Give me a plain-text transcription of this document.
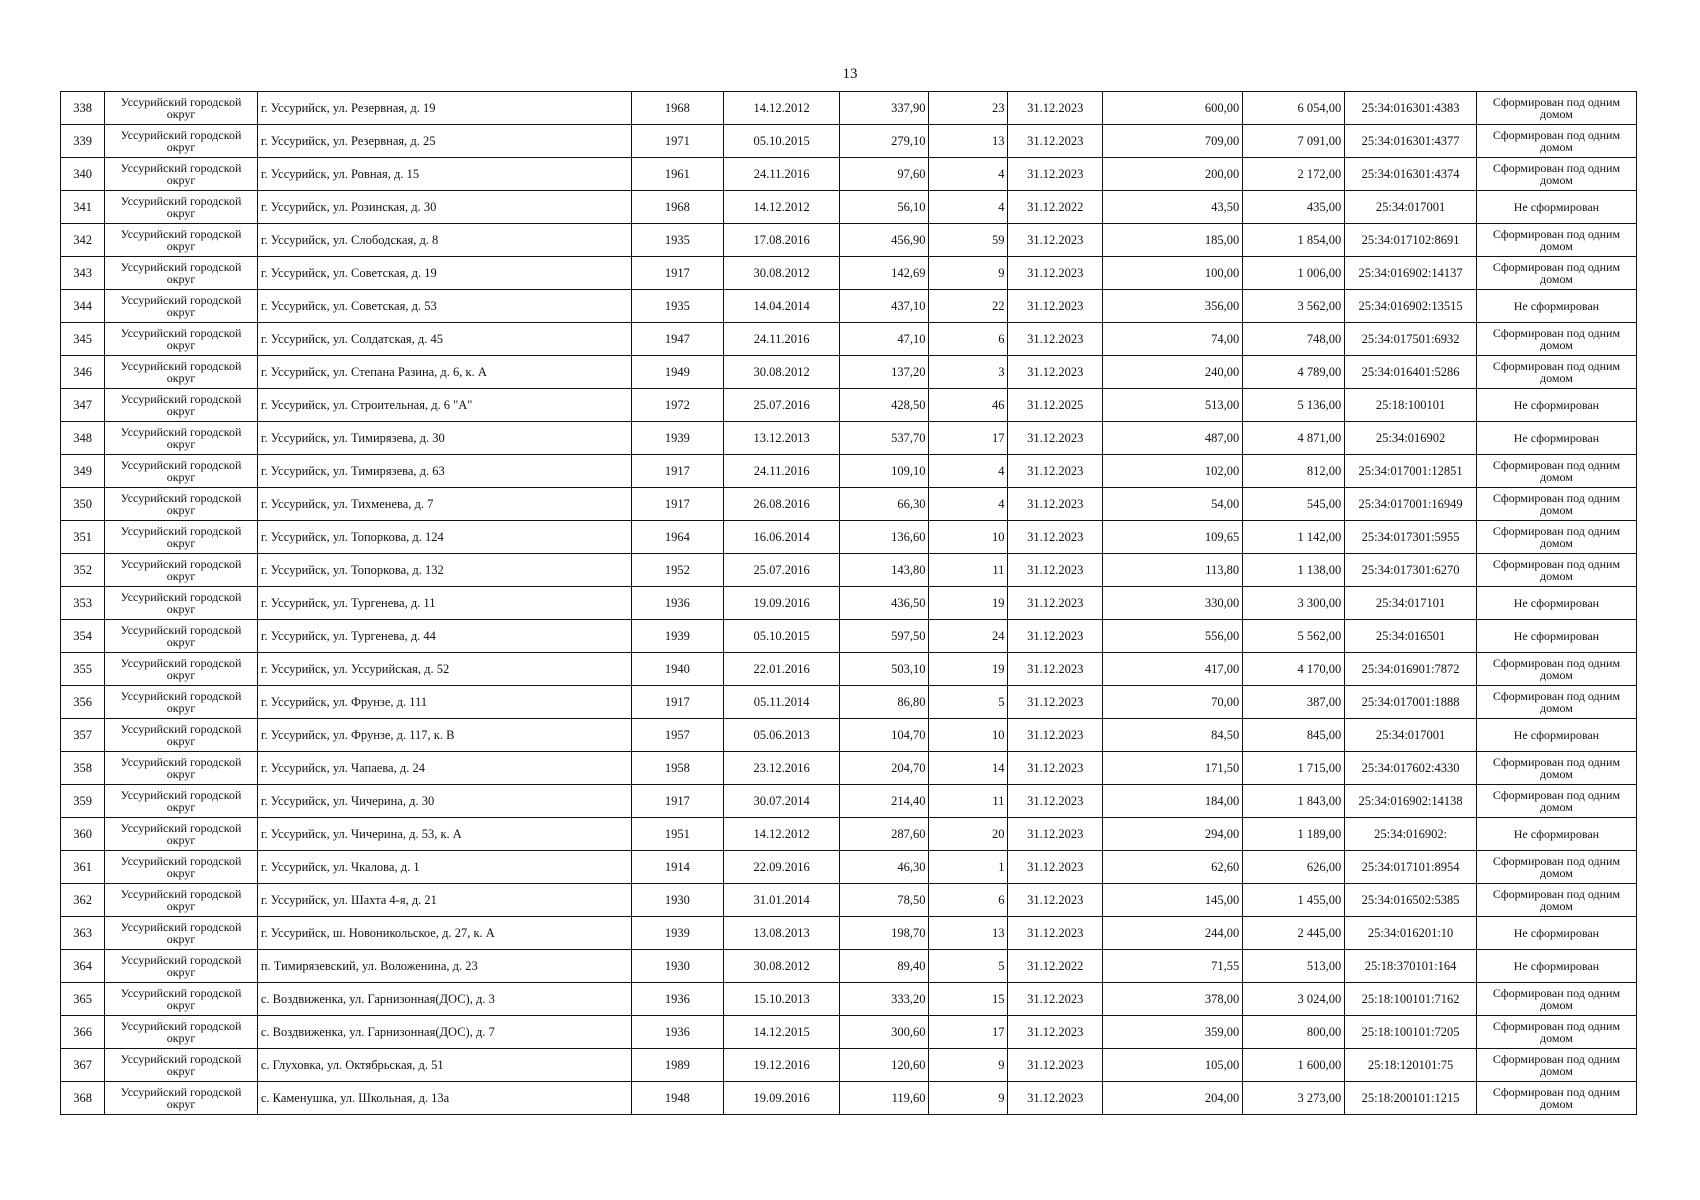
13
338	Уссурийский городской округ	г. Уссурийск, ул. Резервная, д. 19	1968	14.12.2012	337,90	23	31.12.2023	600,00	6 054,00	25:34:016301:4383	Сформирован под одним домом
339	Уссурийский городской округ	г. Уссурийск, ул. Резервная, д. 25	1971	05.10.2015	279,10	13	31.12.2023	709,00	7 091,00	25:34:016301:4377	Сформирован под одним домом
340	Уссурийский городской округ	г. Уссурийск, ул. Ровная, д. 15	1961	24.11.2016	97,60	4	31.12.2023	200,00	2 172,00	25:34:016301:4374	Сформирован под одним домом
341	Уссурийский городской округ	г. Уссурийск, ул. Розинская, д. 30	1968	14.12.2012	56,10	4	31.12.2022	43,50	435,00	25:34:017001	Не сформирован
342	Уссурийский городской округ	г. Уссурийск, ул. Слободская, д. 8	1935	17.08.2016	456,90	59	31.12.2023	185,00	1 854,00	25:34:017102:8691	Сформирован под одним домом
343	Уссурийский городской округ	г. Уссурийск, ул. Советская, д. 19	1917	30.08.2012	142,69	9	31.12.2023	100,00	1 006,00	25:34:016902:14137	Сформирован под одним домом
344	Уссурийский городской округ	г. Уссурийск, ул. Советская, д. 53	1935	14.04.2014	437,10	22	31.12.2023	356,00	3 562,00	25:34:016902:13515	Не сформирован
345	Уссурийский городской округ	г. Уссурийск, ул. Солдатская, д. 45	1947	24.11.2016	47,10	6	31.12.2023	74,00	748,00	25:34:017501:6932	Сформирован под одним домом
346	Уссурийский городской округ	г. Уссурийск, ул. Степана Разина, д. 6, к. А	1949	30.08.2012	137,20	3	31.12.2023	240,00	4 789,00	25:34:016401:5286	Сформирован под одним домом
347	Уссурийский городской округ	г. Уссурийск, ул. Строительная, д. 6 "А"	1972	25.07.2016	428,50	46	31.12.2025	513,00	5 136,00	25:18:100101	Не сформирован
348	Уссурийский городской округ	г. Уссурийск, ул. Тимирязева, д. 30	1939	13.12.2013	537,70	17	31.12.2023	487,00	4 871,00	25:34:016902	Не сформирован
349	Уссурийский городской округ	г. Уссурийск, ул. Тимирязева, д. 63	1917	24.11.2016	109,10	4	31.12.2023	102,00	812,00	25:34:017001:12851	Сформирован под одним домом
350	Уссурийский городской округ	г. Уссурийск, ул. Тихменева, д. 7	1917	26.08.2016	66,30	4	31.12.2023	54,00	545,00	25:34:017001:16949	Сформирован под одним домом
351	Уссурийский городской округ	г. Уссурийск, ул. Топоркова, д. 124	1964	16.06.2014	136,60	10	31.12.2023	109,65	1 142,00	25:34:017301:5955	Сформирован под одним домом
352	Уссурийский городской округ	г. Уссурийск, ул. Топоркова, д. 132	1952	25.07.2016	143,80	11	31.12.2023	113,80	1 138,00	25:34:017301:6270	Сформирован под одним домом
353	Уссурийский городской округ	г. Уссурийск, ул. Тургенева, д. 11	1936	19.09.2016	436,50	19	31.12.2023	330,00	3 300,00	25:34:017101	Не сформирован
354	Уссурийский городской округ	г. Уссурийск, ул. Тургенева, д. 44	1939	05.10.2015	597,50	24	31.12.2023	556,00	5 562,00	25:34:016501	Не сформирован
355	Уссурийский городской округ	г. Уссурийск, ул. Уссурийская, д. 52	1940	22.01.2016	503,10	19	31.12.2023	417,00	4 170,00	25:34:016901:7872	Сформирован под одним домом
356	Уссурийский городской округ	г. Уссурийск, ул. Фрунзе, д. 111	1917	05.11.2014	86,80	5	31.12.2023	70,00	387,00	25:34:017001:1888	Сформирован под одним домом
357	Уссурийский городской округ	г. Уссурийск, ул. Фрунзе, д. 117, к. В	1957	05.06.2013	104,70	10	31.12.2023	84,50	845,00	25:34:017001	Не сформирован
358	Уссурийский городской округ	г. Уссурийск, ул. Чапаева, д. 24	1958	23.12.2016	204,70	14	31.12.2023	171,50	1 715,00	25:34:017602:4330	Сформирован под одним домом
359	Уссурийский городской округ	г. Уссурийск, ул. Чичерина, д. 30	1917	30.07.2014	214,40	11	31.12.2023	184,00	1 843,00	25:34:016902:14138	Сформирован под одним домом
360	Уссурийский городской округ	г. Уссурийск, ул. Чичерина, д. 53, к. А	1951	14.12.2012	287,60	20	31.12.2023	294,00	1 189,00	25:34:016902:	Не сформирован
361	Уссурийский городской округ	г. Уссурийск, ул. Чкалова, д. 1	1914	22.09.2016	46,30	1	31.12.2023	62,60	626,00	25:34:017101:8954	Сформирован под одним домом
362	Уссурийский городской округ	г. Уссурийск, ул. Шахта 4-я, д. 21	1930	31.01.2014	78,50	6	31.12.2023	145,00	1 455,00	25:34:016502:5385	Сформирован под одним домом
363	Уссурийский городской округ	г. Уссурийск, ш. Новоникольское, д. 27, к. А	1939	13.08.2013	198,70	13	31.12.2023	244,00	2 445,00	25:34:016201:10	Не сформирован
364	Уссурийский городской округ	п. Тимирязевский, ул. Воложенина, д. 23	1930	30.08.2012	89,40	5	31.12.2022	71,55	513,00	25:18:370101:164	Не сформирован
365	Уссурийский городской округ	с. Воздвиженка, ул. Гарнизонная(ДОС), д. 3	1936	15.10.2013	333,20	15	31.12.2023	378,00	3 024,00	25:18:100101:7162	Сформирован под одним домом
366	Уссурийский городской округ	с. Воздвиженка, ул. Гарнизонная(ДОС), д. 7	1936	14.12.2015	300,60	17	31.12.2023	359,00	800,00	25:18:100101:7205	Сформирован под одним домом
367	Уссурийский городской округ	с. Глуховка, ул. Октябрьская, д. 51	1989	19.12.2016	120,60	9	31.12.2023	105,00	1 600,00	25:18:120101:75	Сформирован под одним домом
368	Уссурийский городской округ	с. Каменушка, ул. Школьная, д. 13а	1948	19.09.2016	119,60	9	31.12.2023	204,00	3 273,00	25:18:200101:1215	Сформирован под одним домом
